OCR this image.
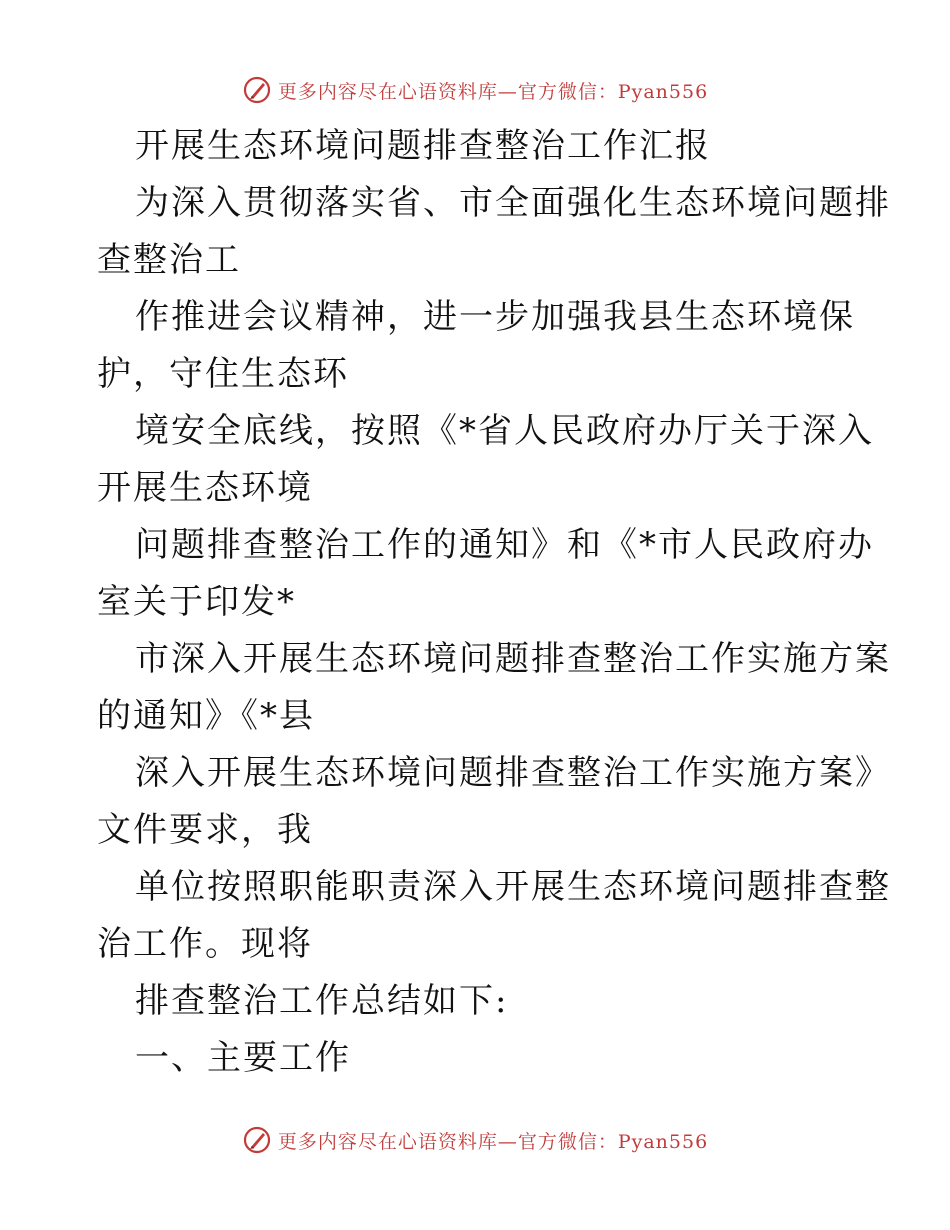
更多内容尽在心语资料库—官方微信：Pyan556
开展生态环境问题排查整治工作汇报
为深入贯彻落实省、市全面强化生态环境问题排
查整治工
作推进会议精神，进一步加强我县生态环境保
护，守住生态环
境安全底线，按照《*省人民政府办厅关于深入
开展生态环境
问题排查整治工作的通知》和《*市人民政府办
室关于印发*
市深入开展生态环境问题排查整治工作实施方案
的通知》《*县
深入开展生态环境问题排查整治工作实施方案》
文件要求，我
单位按照职能职责深入开展生态环境问题排查整
治工作。现将
排查整治工作总结如下:
一、主要工作
更多内容尽在心语资料库—官方微信：Pyan556
